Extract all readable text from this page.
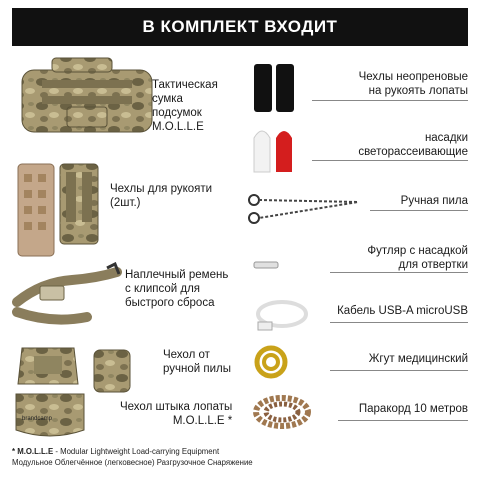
В КОМПЛЕКТ ВХОДИТ
brandcamp
Тактическая
сумка
подсумок
M.O.L.L.E
Чехлы для рукояти
(2шт.)
Наплечный ремень
с клипсой для
быстрого сброса
Чехол от
ручной пилы
Чехол штыка лопаты
M.O.L.L.E *
Чехлы неопреновые
на рукоять лопаты
насадки
светорассеивающие
Ручная пила
Футляр с насадкой
для отвертки
Кабель USB-A microUSB
Жгут медицинский
Паракорд 10 метров
* M.O.L.L.E - Modular Lightweight Load-carrying Equipment
Модульное Облегчённое (легковесное) Разгрузочное Снаряжение
